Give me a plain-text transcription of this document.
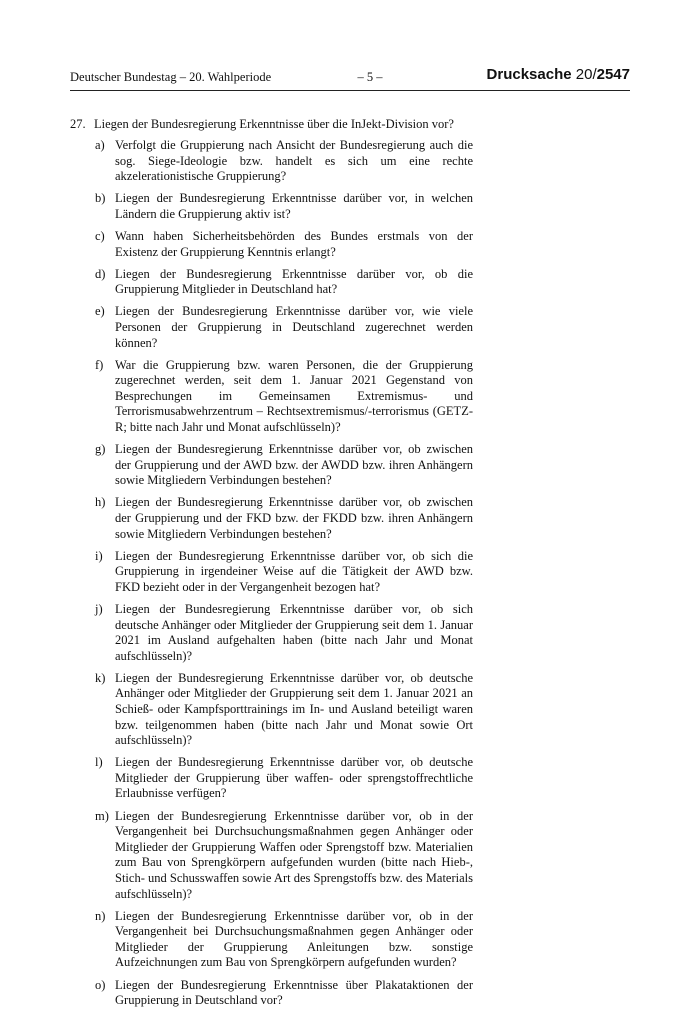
Deutscher Bundestag – 20. Wahlperiode	– 5 –	Drucksache 20/2547
27. Liegen der Bundesregierung Erkenntnisse über die InJekt-Division vor?
a) Verfolgt die Gruppierung nach Ansicht der Bundesregierung auch die sog. Siege-Ideologie bzw. handelt es sich um eine rechte akzelerationistische Gruppierung?
b) Liegen der Bundesregierung Erkenntnisse darüber vor, in welchen Ländern die Gruppierung aktiv ist?
c) Wann haben Sicherheitsbehörden des Bundes erstmals von der Existenz der Gruppierung Kenntnis erlangt?
d) Liegen der Bundesregierung Erkenntnisse darüber vor, ob die Gruppierung Mitglieder in Deutschland hat?
e) Liegen der Bundesregierung Erkenntnisse darüber vor, wie viele Personen der Gruppierung in Deutschland zugerechnet werden können?
f) War die Gruppierung bzw. waren Personen, die der Gruppierung zugerechnet werden, seit dem 1. Januar 2021 Gegenstand von Besprechungen im Gemeinsamen Extremismus- und Terrorismusabwehrzentrum – Rechtsextremismus/-terrorismus (GETZ-R; bitte nach Jahr und Monat aufschlüsseln)?
g) Liegen der Bundesregierung Erkenntnisse darüber vor, ob zwischen der Gruppierung und der AWD bzw. der AWDD bzw. ihren Anhängern sowie Mitgliedern Verbindungen bestehen?
h) Liegen der Bundesregierung Erkenntnisse darüber vor, ob zwischen der Gruppierung und der FKD bzw. der FKDD bzw. ihren Anhängern sowie Mitgliedern Verbindungen bestehen?
i) Liegen der Bundesregierung Erkenntnisse darüber vor, ob sich die Gruppierung in irgendeiner Weise auf die Tätigkeit der AWD bzw. FKD bezieht oder in der Vergangenheit bezogen hat?
j) Liegen der Bundesregierung Erkenntnisse darüber vor, ob sich deutsche Anhänger oder Mitglieder der Gruppierung seit dem 1. Januar 2021 im Ausland aufgehalten haben (bitte nach Jahr und Monat aufschlüsseln)?
k) Liegen der Bundesregierung Erkenntnisse darüber vor, ob deutsche Anhänger oder Mitglieder der Gruppierung seit dem 1. Januar 2021 an Schieß- oder Kampfsporttrainings im In- und Ausland beteiligt waren bzw. teilgenommen haben (bitte nach Jahr und Monat sowie Ort aufschlüsseln)?
l) Liegen der Bundesregierung Erkenntnisse darüber vor, ob deutsche Mitglieder der Gruppierung über waffen- oder sprengstoffrechtliche Erlaubnisse verfügen?
m) Liegen der Bundesregierung Erkenntnisse darüber vor, ob in der Vergangenheit bei Durchsuchungsmaßnahmen gegen Anhänger oder Mitglieder der Gruppierung Waffen oder Sprengstoff bzw. Materialien zum Bau von Sprengkörpern aufgefunden wurden (bitte nach Hieb-, Stich- und Schusswaffen sowie Art des Sprengstoffs bzw. des Materials aufschlüsseln)?
n) Liegen der Bundesregierung Erkenntnisse darüber vor, ob in der Vergangenheit bei Durchsuchungsmaßnahmen gegen Anhänger oder Mitglieder der Gruppierung Anleitungen bzw. sonstige Aufzeichnungen zum Bau von Sprengkörpern aufgefunden wurden?
o) Liegen der Bundesregierung Erkenntnisse über Plakataktionen der Gruppierung in Deutschland vor?
